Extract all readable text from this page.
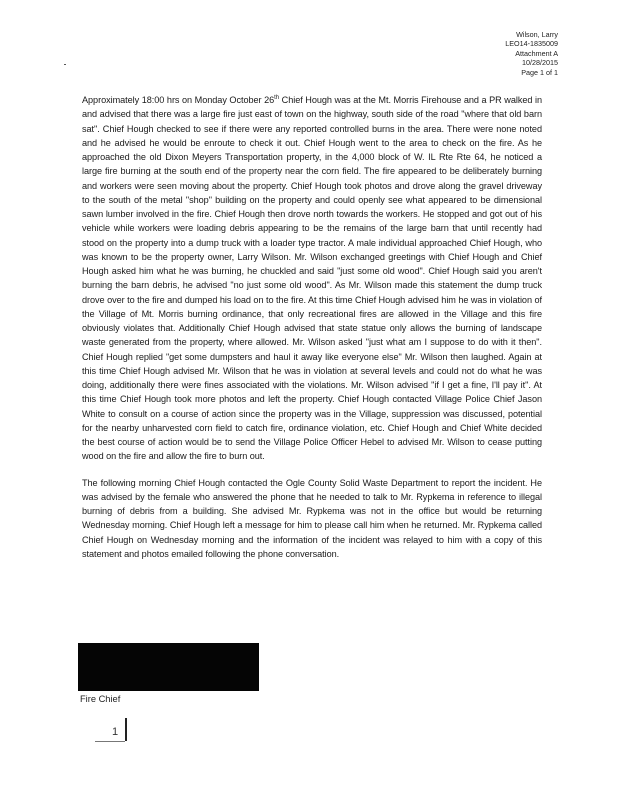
Wilson, Larry
LEO14-1835009
Attachment A
10/28/2015
Page 1 of 1

Approximately 18:00 hrs on Monday October 26th Chief Hough was at the Mt. Morris Firehouse and a PR walked in and advised that there was a large fire just east of town on the highway, south side of the road "where that old barn sat". Chief Hough checked to see if there were any reported controlled burns in the area. There were none noted and he advised he would be enroute to check it out. Chief Hough went to the area to check on the fire. As he approached the old Dixon Meyers Transportation property, in the 4,000 block of W. IL Rte Rte 64, he noticed a large fire burning at the south end of the property near the corn field. The fire appeared to be deliberately burning and workers were seen moving about the property. Chief Hough took photos and drove along the gravel driveway to the south of the metal "shop" building on the property and could openly see what appeared to be dimensional sawn lumber involved in the fire. Chief Hough then drove north towards the workers. He stopped and got out of his vehicle while workers were loading debris appearing to be the remains of the large barn that until recently had stood on the property into a dump truck with a loader type tractor. A male individual approached Chief Hough, who was known to be the property owner, Larry Wilson. Mr. Wilson exchanged greetings with Chief Hough and Chief Hough asked him what he was burning, he chuckled and said "just some old wood". Chief Hough said you aren't burning the barn debris, he advised "no just some old wood". As Mr. Wilson made this statement the dump truck drove over to the fire and dumped his load on to the fire. At this time Chief Hough advised him he was in violation of the Village of Mt. Morris burning ordinance, that only recreational fires are allowed in the Village and this fire obviously violates that. Additionally Chief Hough advised that state statue only allows the burning of landscape waste generated from the property, where allowed. Mr. Wilson asked "just what am I suppose to do with it then". Chief Hough replied "get some dumpsters and haul it away like everyone else" Mr. Wilson then laughed. Again at this time Chief Hough advised Mr. Wilson that he was in violation at several levels and could not do what he was doing, additionally there were fines associated with the violations. Mr. Wilson advised "if I get a fine, I'll pay it". At this time Chief Hough took more photos and left the property. Chief Hough contacted Village Police Chief Jason White to consult on a course of action since the property was in the Village, suppression was discussed, potential for the nearby unharvested corn field to catch fire, ordinance violation, etc. Chief Hough and Chief White decided the best course of action would be to send the Village Police Officer Hebel to advised Mr. Wilson to cease putting wood on the fire and allow the fire to burn out.

The following morning Chief Hough contacted the Ogle County Solid Waste Department to report the incident. He was advised by the female who answered the phone that he needed to talk to Mr. Rypkema in reference to illegal burning of debris from a building. She advised Mr. Rypkema was not in the office but would be returning Wednesday morning. Chief Hough left a message for him to please call him when he returned. Mr. Rypkema called Chief Hough on Wednesday morning and the information of the incident was relayed to him with a copy of this statement and photos emailed following the phone conversation.

Fire Chief
1
